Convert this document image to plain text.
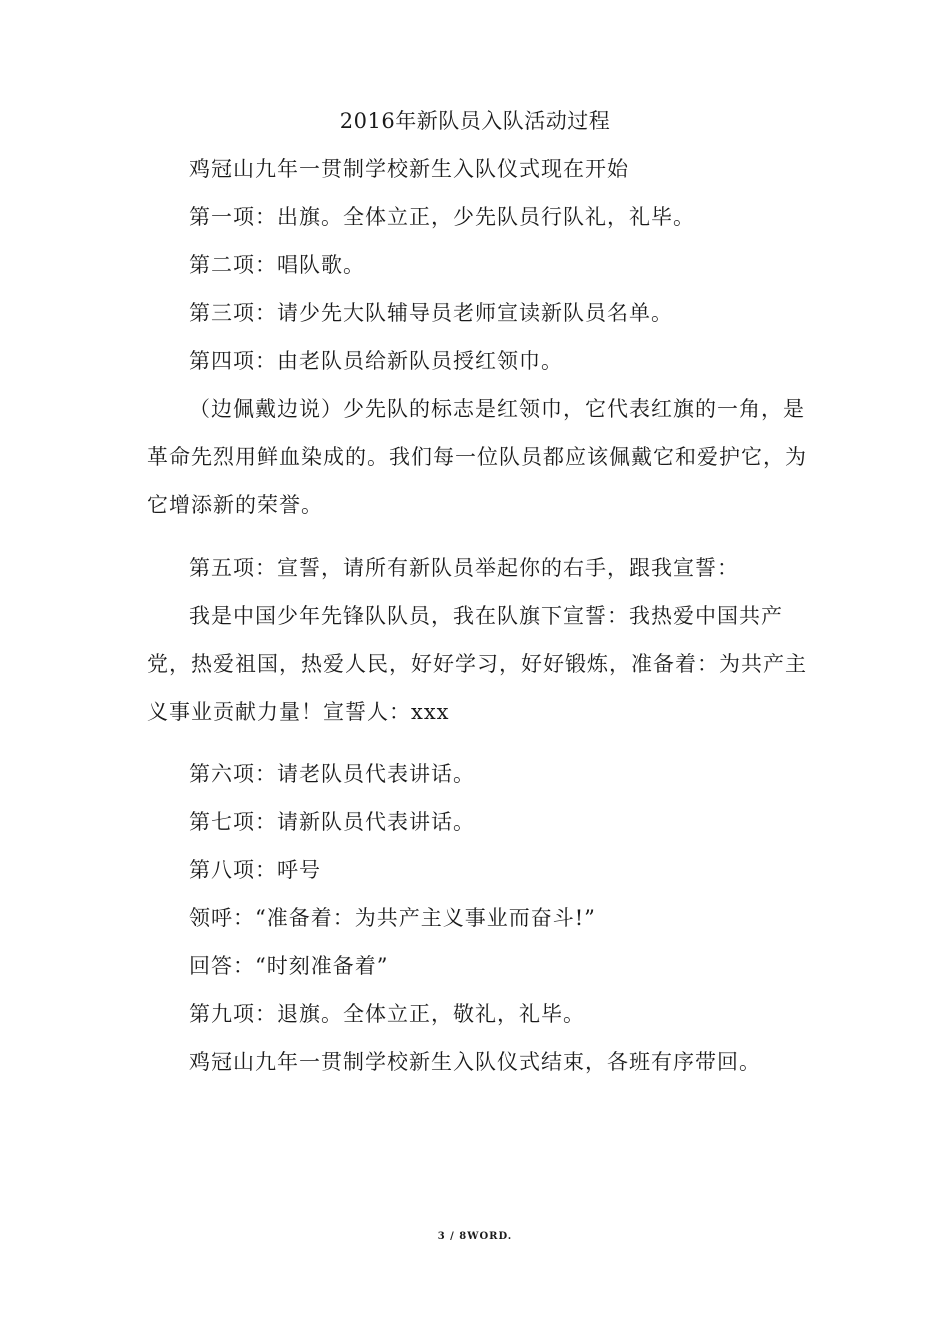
2016年新队员入队活动过程

鸡冠山九年一贯制学校新生入队仪式现在开始

第一项：出旗。全体立正，少先队员行队礼，礼毕。

第二项：唱队歌。

第三项：请少先大队辅导员老师宣读新队员名单。

第四项：由老队员给新队员授红领巾。

（边佩戴边说）少先队的标志是红领巾，它代表红旗的一角，是革命先烈用鲜血染成的。我们每一位队员都应该佩戴它和爱护它，为它增添新的荣誉。

第五项：宣誓，请所有新队员举起你的右手，跟我宣誓：

我是中国少年先锋队队员，我在队旗下宣誓：我热爱中国共产党，热爱祖国，热爱人民，好好学习，好好锻炼，准备着：为共产主义事业贡献力量！宣誓人：xxx

第六项：请老队员代表讲话。

第七项：请新队员代表讲话。

第八项：呼号

领呼：“准备着：为共产主义事业而奋斗!”

回答：“时刻准备着”

第九项：退旗。全体立正，敬礼，礼毕。

鸡冠山九年一贯制学校新生入队仪式结束，各班有序带回。

3 / 8WORD.
